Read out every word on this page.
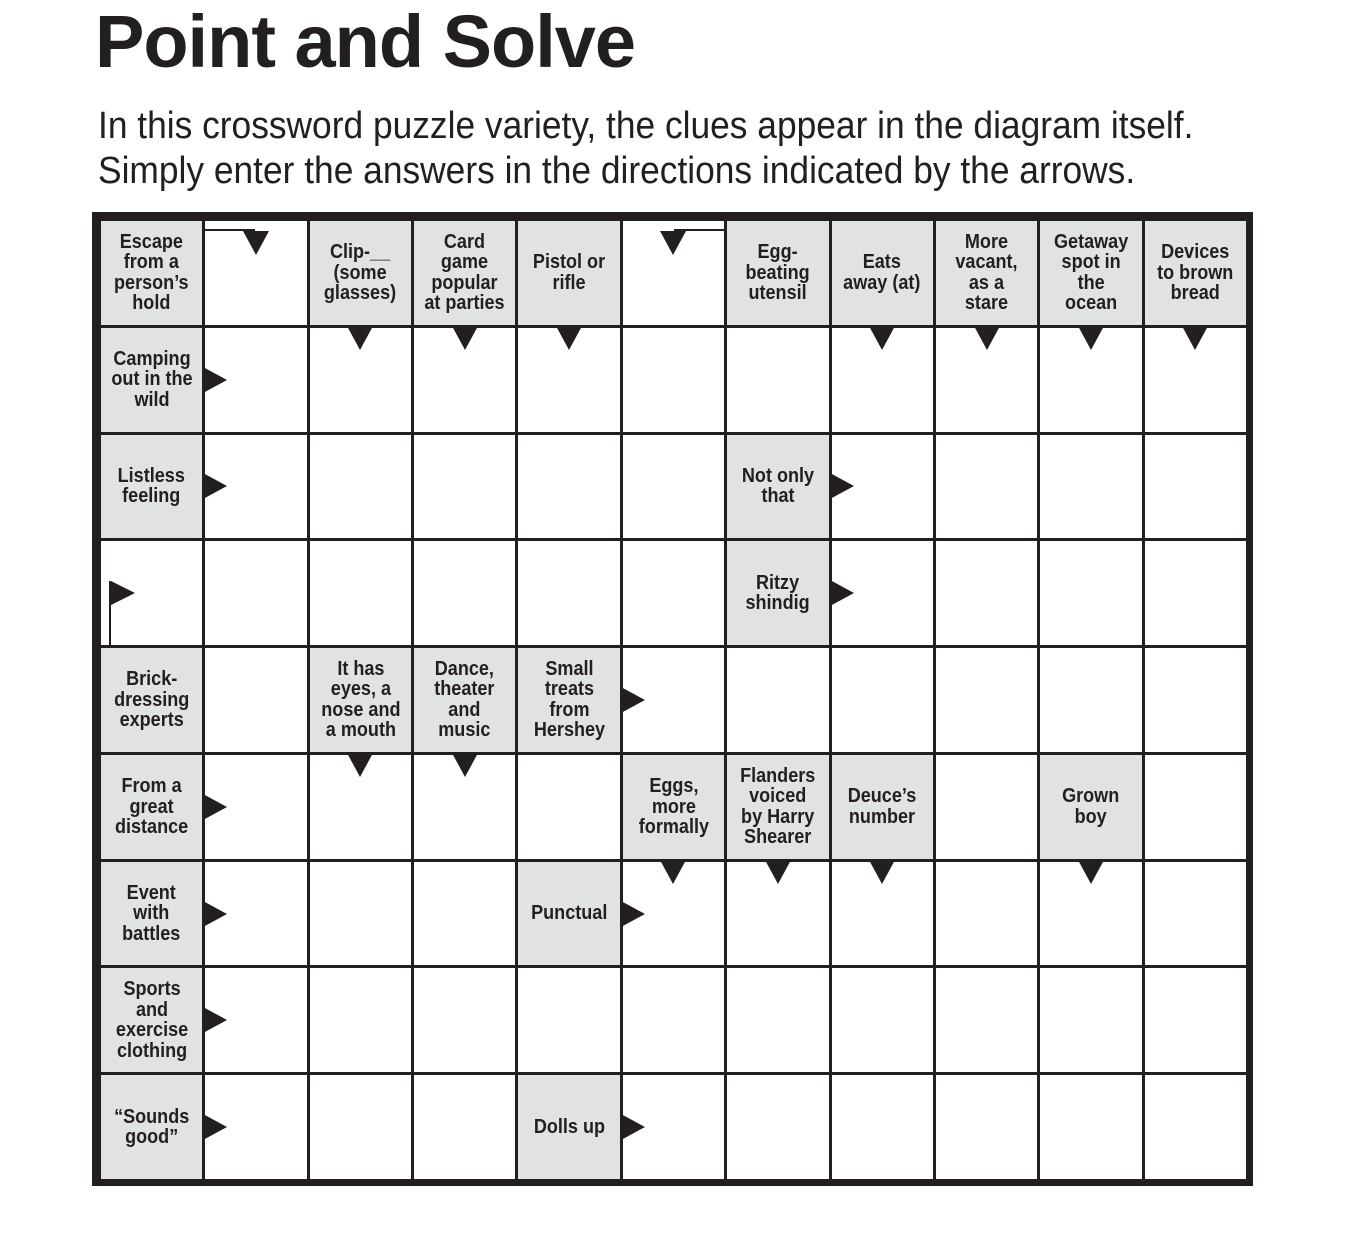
Point and Solve
In this crossword puzzle variety, the clues appear in the diagram itself.
Simply enter the answers in the directions indicated by the arrows.
Escape
from a
person’s
hold
Clip-__
(some
glasses)
Card
game
popular
at parties
Pistol or
rifle
Egg-
beating
utensil
Eats
away (at)
More
vacant,
as a
stare
Getaway
spot in
the
ocean
Devices
to brown
bread
Camping
out in the
wild
Listless
feeling
Not only
that
Ritzy
shindig
Brick-
dressing
experts
It has
eyes, a
nose and
a mouth
Dance,
theater
and
music
Small
treats
from
Hershey
From a
great
distance
Eggs,
more
formally
Flanders
voiced
by Harry
Shearer
Deuce’s
number
Grown
boy
Event
with
battles
Punctual
Sports
and
exercise
clothing
“Sounds
good”	Dolls up
